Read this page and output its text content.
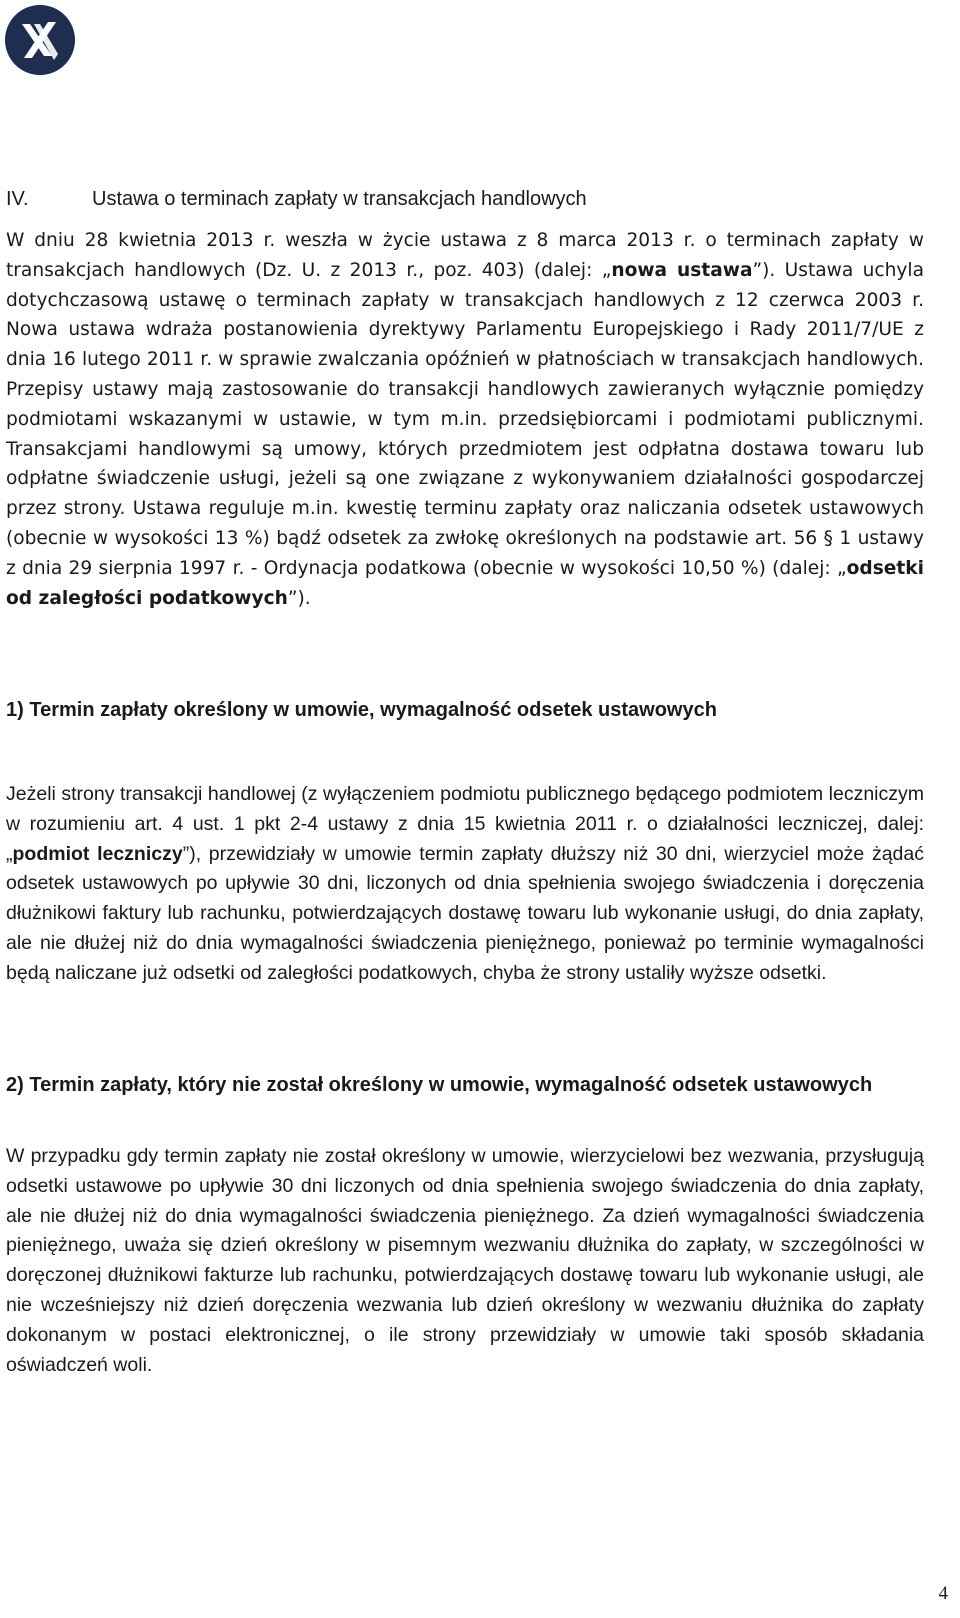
IV.	Ustawa o terminach zapłaty w transakcjach handlowych

W dniu 28 kwietnia 2013 r. weszła w życie ustawa z 8 marca 2013 r. o terminach zapłaty w transakcjach handlowych (Dz. U. z 2013 r., poz. 403) (dalej: „nowa ustawa”). Ustawa uchyla dotychczasową ustawę o terminach zapłaty w transakcjach handlowych z 12 czerwca 2003 r. Nowa ustawa wdraża postanowienia dyrektywy Parlamentu Europejskiego i Rady 2011/7/UE z dnia 16 lutego 2011 r. w sprawie zwalczania opóźnień w płatnościach w transakcjach handlowych. Przepisy ustawy mają zastosowanie do transakcji handlowych zawieranych wyłącznie pomiędzy podmiotami wskazanymi w ustawie, w tym m.in. przedsiębiorcami i podmiotami publicznymi. Transakcjami handlowymi są umowy, których przedmiotem jest odpłatna dostawa towaru lub odpłatne świadczenie usługi, jeżeli są one związane z wykonywaniem działalności gospodarczej przez strony. Ustawa reguluje m.in. kwestię terminu zapłaty oraz naliczania odsetek ustawowych (obecnie w wysokości 13 %) bądź odsetek za zwłokę określonych na podstawie art. 56 § 1 ustawy z dnia 29 sierpnia 1997 r. - Ordynacja podatkowa (obecnie w wysokości 10,50 %) (dalej: „odsetki od zaległości podatkowych”).

1) Termin zapłaty określony w umowie, wymagalność odsetek ustawowych

Jeżeli strony transakcji handlowej (z wyłączeniem podmiotu publicznego będącego podmiotem leczniczym w rozumieniu art. 4 ust. 1 pkt 2-4 ustawy z dnia 15 kwietnia 2011 r. o działalności leczniczej, dalej: „podmiot leczniczy”), przewidziały w umowie termin zapłaty dłuższy niż 30 dni, wierzyciel może żądać odsetek ustawowych po upływie 30 dni, liczonych od dnia spełnienia swojego świadczenia i doręczenia dłużnikowi faktury lub rachunku, potwierdzających dostawę towaru lub wykonanie usługi, do dnia zapłaty, ale nie dłużej niż do dnia wymagalności świadczenia pieniężnego, ponieważ po terminie wymagalności będą naliczane już odsetki od zaległości podatkowych, chyba że strony ustaliły wyższe odsetki.

2) Termin zapłaty, który nie został określony w umowie, wymagalność odsetek ustawowych

W przypadku gdy termin zapłaty nie został określony w umowie, wierzycielowi bez wezwania, przysługują odsetki ustawowe po upływie 30 dni liczonych od dnia spełnienia swojego świadczenia do dnia zapłaty, ale nie dłużej niż do dnia wymagalności świadczenia pieniężnego. Za dzień wymagalności świadczenia pieniężnego, uważa się dzień określony w pisemnym wezwaniu dłużnika do zapłaty, w szczególności w doręczonej dłużnikowi fakturze lub rachunku, potwierdzających dostawę towaru lub wykonanie usługi, ale nie wcześniejszy niż dzień doręczenia wezwania lub dzień określony w wezwaniu dłużnika do zapłaty dokonanym w postaci elektronicznej, o ile strony przewidziały w umowie taki sposób składania oświadczeń woli.

4
